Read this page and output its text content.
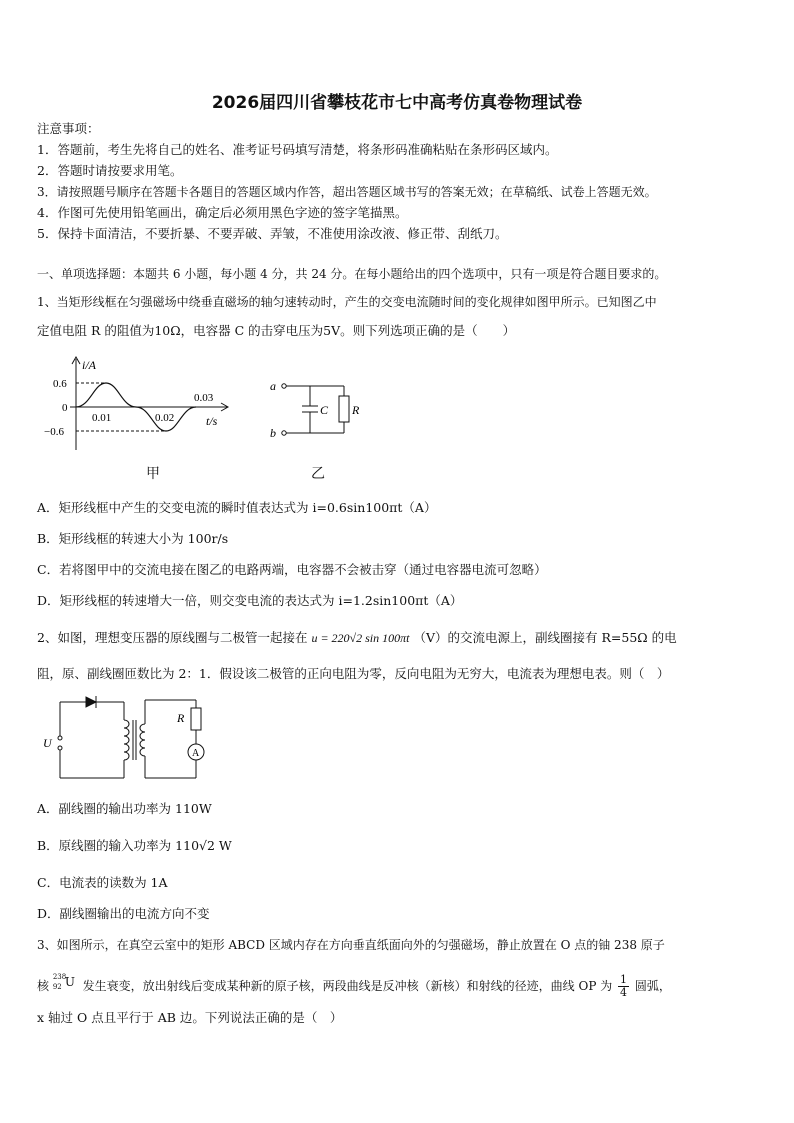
2026届四川省攀枝花市七中高考仿真卷物理试卷
注意事项：
1．答题前，考生先将自己的姓名、准考证号码填写清楚，将条形码准确粘贴在条形码区域内。
2．答题时请按要求用笔。
3．请按照题号顺序在答题卡各题目的答题区域内作答，超出答题区域书写的答案无效；在草稿纸、试卷上答题无效。
4．作图可先使用铅笔画出，确定后必须用黑色字迹的签字笔描黑。
5．保持卡面清洁，不要折暴、不要弄破、弄皱，不准使用涂改液、修正带、刮纸刀。
一、单项选择题：本题共 6 小题，每小题 4 分，共 24 分。在每小题给出的四个选项中，只有一项是符合题目要求的。
1、当矩形线框在匀强磁场中绕垂直磁场的轴匀速转动时，产生的交变电流随时间的变化规律如图甲所示。已知图乙中
定值电阻 R 的阻值为10Ω，电容器 C 的击穿电压为5V。则下列选项正确的是（　　）
i/A
0.6
0
−0.6
0.01	0.02
0.03
t/s
甲
a
b
C R
乙
A．矩形线框中产生的交变电流的瞬时值表达式为 i=0.6sin100πt（A）
B．矩形线框的转速大小为 100r/s
C．若将图甲中的交流电接在图乙的电路两端，电容器不会被击穿（通过电容器电流可忽略）
D．矩形线框的转速增大一倍，则交变电流的表达式为 i=1.2sin100πt（A）
2、如图，理想变压器的原线圈与二极管一起接在 u = 220√2 sin 100πt （V）的交流电源上，副线圈接有 R=55Ω 的电
阻，原、副线圈匝数比为 2：1．假设该二极管的正向电阻为零，反向电阻为无穷大，电流表为理想电表。则（　）
U
R
A
A．副线圈的输出功率为 110W
B．原线圈的输入功率为 110√2 W
C．电流表的读数为 1A
D．副线圈输出的电流方向不变
3、如图所示，在真空云室中的矩形 ABCD 区域内存在方向垂直纸面向外的匀强磁场，静止放置在 O 点的铀 238 原子
核
238
92 U 发生衰变，放出射线后变成某种新的原子核，两段曲线是反冲核（新核）和射线的径迹，曲线 OP 为 $\frac{1}{4}$ 圆弧，
x 轴过 O 点且平行于 AB 边。下列说法正确的是（　）
